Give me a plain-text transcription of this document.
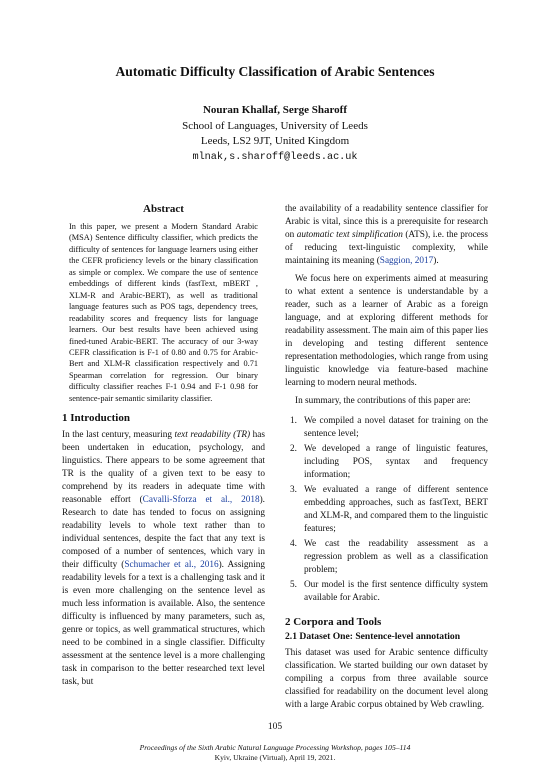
Automatic Difficulty Classification of Arabic Sentences
Nouran Khallaf, Serge Sharoff
School of Languages, University of Leeds
Leeds, LS2 9JT, United Kingdom
mlnak,s.sharoff@leeds.ac.uk
Abstract

In this paper, we present a Modern Standard Arabic (MSA) Sentence difficulty classifier, which predicts the difficulty of sentences for language learners using either the CEFR proficiency levels or the binary classification as simple or complex. We compare the use of sentence embeddings of different kinds (fastText, mBERT , XLM-R and Arabic-BERT), as well as traditional language features such as POS tags, dependency trees, readability scores and frequency lists for language learners. Our best results have been achieved using fined-tuned Arabic-BERT. The accuracy of our 3-way CEFR classification is F-1 of 0.80 and 0.75 for Arabic-Bert and XLM-R classification respectively and 0.71 Spearman correlation for regression. Our binary difficulty classifier reaches F-1 0.94 and F-1 0.98 for sentence-pair semantic similarity classifier.

1 Introduction

In the last century, measuring text readability (TR) has been undertaken in education, psychology, and linguistics. There appears to be some agreement that TR is the quality of a given text to be easy to comprehend by its readers in adequate time with reasonable effort (Cavalli-Sforza et al., 2018). Research to date has tended to focus on assigning readability levels to whole text rather than to individual sentences, despite the fact that any text is composed of a number of sentences, which vary in their difficulty (Schumacher et al., 2016). Assigning readability levels for a text is a challenging task and it is even more challenging on the sentence level as much less information is available. Also, the sentence difficulty is influenced by many parameters, such as, genre or topics, as well grammatical structures, which need to be combined in a single classifier. Difficulty assessment at the sentence level is a more challenging task in comparison to the better researched text level task, but

the availability of a readability sentence classifier for Arabic is vital, since this is a prerequisite for research on automatic text simplification (ATS), i.e. the process of reducing text-linguistic complexity, while maintaining its meaning (Saggion, 2017).

We focus here on experiments aimed at measuring to what extent a sentence is understandable by a reader, such as a learner of Arabic as a foreign language, and at exploring different methods for readability assessment. The main aim of this paper lies in developing and testing different sentence representation methodologies, which range from using linguistic knowledge via feature-based machine learning to modern neural methods.

In summary, the contributions of this paper are:

1. We compiled a novel dataset for training on the sentence level;
2. We developed a range of linguistic features, including POS, syntax and frequency information;
3. We evaluated a range of different sentence embedding approaches, such as fastText, BERT and XLM-R, and compared them to the linguistic features;
4. We cast the readability assessment as a regression problem as well as a classification problem;
5. Our model is the first sentence difficulty system available for Arabic.
2 Corpora and Tools
2.1 Dataset One: Sentence-level annotation

This dataset was used for Arabic sentence difficulty classification. We started building our own dataset by compiling a corpus from three available source classified for readability on the document level along with a large Arabic corpus obtained by Web crawling.

105
Proceedings of the Sixth Arabic Natural Language Processing Workshop, pages 105–114
Kyiv, Ukraine (Virtual), April 19, 2021.
